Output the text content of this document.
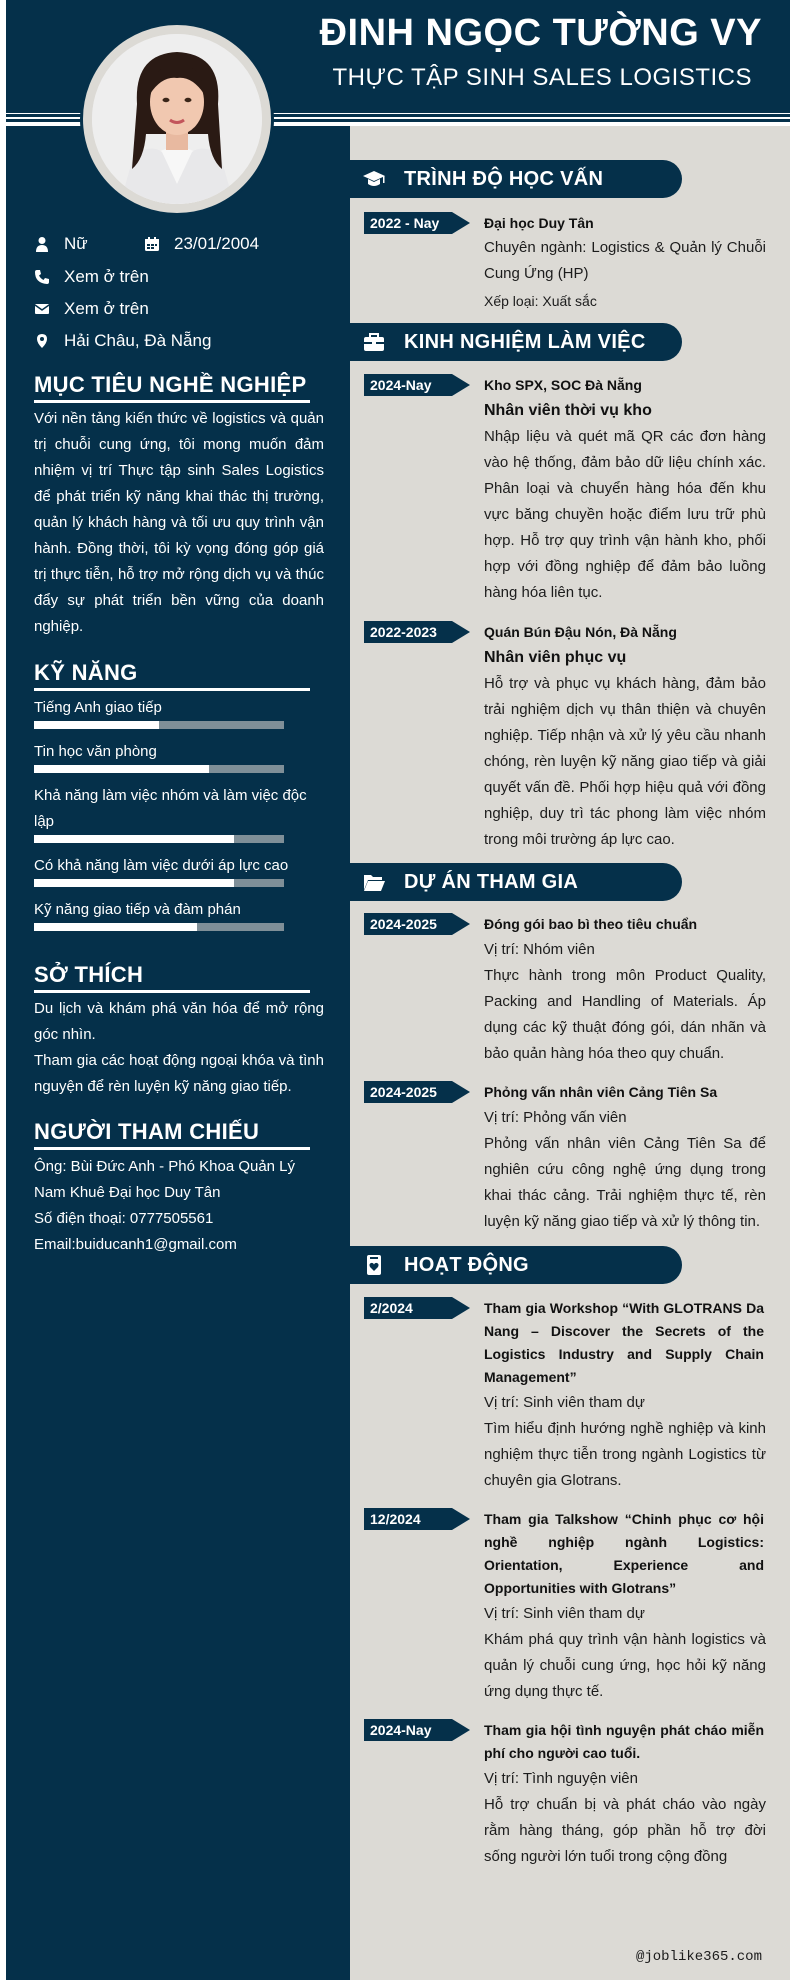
ĐINH NGỌC TƯỜNG VY
THỰC TẬP SINH SALES LOGISTICS
Nữ	23/01/2004
Xem ở trên
Xem ở trên
Hải Châu, Đà Nẵng
MỤC TIÊU NGHỀ NGHIỆP
Với nền tảng kiến thức về logistics và quản trị chuỗi cung ứng, tôi mong muốn đảm nhiệm vị trí Thực tập sinh Sales Logistics để phát triển kỹ năng khai thác thị trường, quản lý khách hàng và tối ưu quy trình vận hành. Đồng thời, tôi kỳ vọng đóng góp giá trị thực tiễn, hỗ trợ mở rộng dịch vụ và thúc đẩy sự phát triển bền vững của doanh nghiệp.
KỸ NĂNG
Tiếng Anh giao tiếp
Tin học văn phòng
Khả năng làm việc nhóm và làm việc độc lập
Có khả năng làm việc dưới áp lực cao
Kỹ năng giao tiếp và đàm phán
SỞ THÍCH
Du lịch và khám phá văn hóa để mở rộng góc nhìn.
Tham gia các hoạt động ngoại khóa và tình nguyện để rèn luyện kỹ năng giao tiếp.
NGƯỜI THAM CHIẾU
Ông: Bùi Đức Anh - Phó Khoa Quản Lý Nam Khuê Đại học Duy Tân
Số điện thoại: 0777505561
Email:buiducanh1@gmail.com
TRÌNH ĐỘ HỌC VẤN
2022 - Nay	Đại học Duy Tân
Chuyên ngành: Logistics & Quản lý Chuỗi Cung Ứng (HP)
Xếp loại: Xuất sắc
KINH NGHIỆM LÀM VIỆC
2024-Nay	Kho SPX, SOC Đà Nẵng
Nhân viên thời vụ kho
Nhập liệu và quét mã QR các đơn hàng vào hệ thống, đảm bảo dữ liệu chính xác. Phân loại và chuyển hàng hóa đến khu vực băng chuyền hoặc điểm lưu trữ phù hợp. Hỗ trợ quy trình vận hành kho, phối hợp với đồng nghiệp để đảm bảo luồng hàng hóa liên tục.
2022-2023	Quán Bún Đậu Nón, Đà Nẵng
Nhân viên phục vụ
Hỗ trợ và phục vụ khách hàng, đảm bảo trải nghiệm dịch vụ thân thiện và chuyên nghiệp. Tiếp nhận và xử lý yêu cầu nhanh chóng, rèn luyện kỹ năng giao tiếp và giải quyết vấn đề. Phối hợp hiệu quả với đồng nghiệp, duy trì tác phong làm việc nhóm trong môi trường áp lực cao.
DỰ ÁN THAM GIA
2024-2025	Đóng gói bao bì theo tiêu chuẩn
Vị trí: Nhóm viên
Thực hành trong môn Product Quality, Packing and Handling of Materials. Áp dụng các kỹ thuật đóng gói, dán nhãn và bảo quản hàng hóa theo quy chuẩn.
2024-2025	Phỏng vấn nhân viên Cảng Tiên Sa
Vị trí: Phỏng vấn viên
Phỏng vấn nhân viên Cảng Tiên Sa để nghiên cứu công nghệ ứng dụng trong khai thác cảng. Trải nghiệm thực tế, rèn luyện kỹ năng giao tiếp và xử lý thông tin.
HOẠT ĐỘNG
2/2024	Tham gia Workshop “With GLOTRANS Da Nang – Discover the Secrets of the Logistics Industry and Supply Chain Management”
Vị trí: Sinh viên tham dự
Tìm hiểu định hướng nghề nghiệp và kinh nghiệm thực tiễn trong ngành Logistics từ chuyên gia Glotrans.
12/2024	Tham gia Talkshow “Chinh phục cơ hội nghề nghiệp ngành Logistics: Orientation, Experience and Opportunities with Glotrans”
Vị trí: Sinh viên tham dự
Khám phá quy trình vận hành logistics và quản lý chuỗi cung ứng, học hỏi kỹ năng ứng dụng thực tế.
2024-Nay	Tham gia hội tình nguyện phát cháo miễn phí cho người cao tuổi.
Vị trí: Tình nguyện viên
Hỗ trợ chuẩn bị và phát cháo vào ngày rằm hàng tháng, góp phần hỗ trợ đời sống người lớn tuổi trong cộng đồng
@joblike365.com
